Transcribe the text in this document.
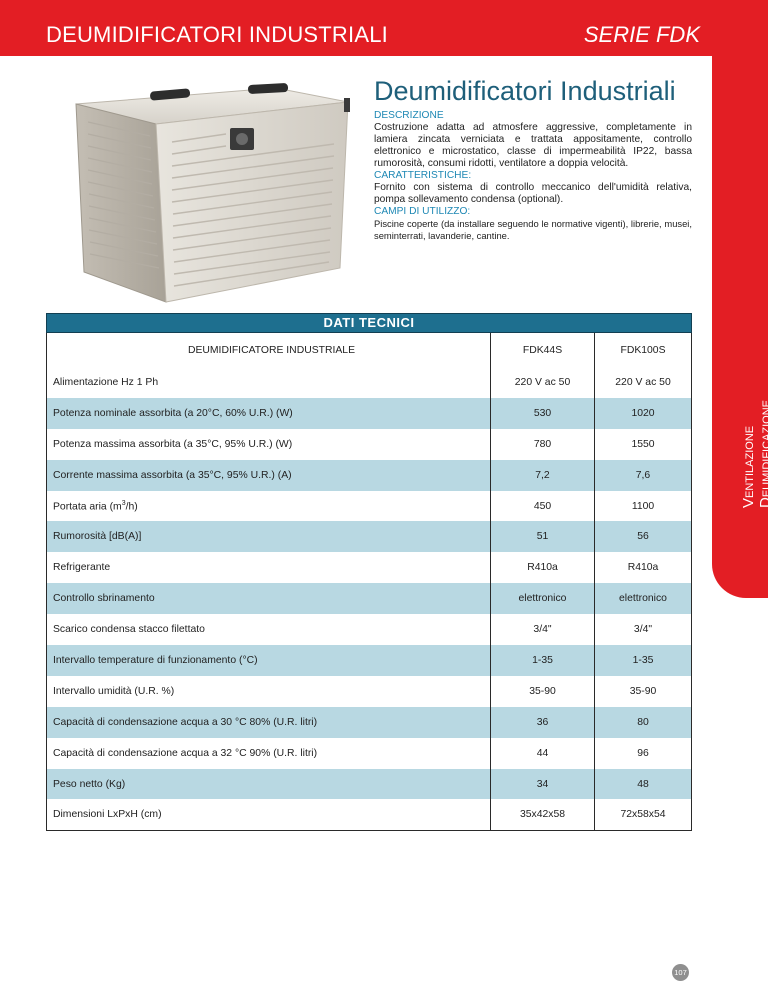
DEUMIDIFICATORI INDUSTRIALI	SERIE FDK
Ventilazione Deumidificazione
Deumidificatori Industriali

DESCRIZIONE

Costruzione adatta ad atmosfere aggressive, completamente in lamiera zincata verniciata e trattata appositamente, controllo elettronico e microstatico, classe di impermeabilità IP22, bassa rumorosità, consumi ridotti, ventilatore a doppia velocità.

CARATTERISTICHE:

Fornito con sistema di controllo meccanico dell'umidità relativa, pompa sollevamento condensa (optional).

CAMPI DI UTILIZZO:

Piscine coperte (da installare seguendo le normative vigenti), librerie, musei, seminterrati, lavanderie, cantine.

DATI TECNICI
DEUMIDIFICATORE INDUSTRIALE	FDK44S	FDK100S
Alimentazione Hz 1 Ph	220 V ac 50	220 V ac 50
Potenza nominale assorbita (a 20°C, 60% U.R.) (W)	530	1020
Potenza massima assorbita (a 35°C, 95% U.R.) (W)	780	1550
Corrente massima assorbita (a 35°C, 95% U.R.) (A)	7,2	7,6
Portata aria $(m^3/h)$	450	1100
Rumorosità [dB(A)]	51	56
Refrigerante	R410a	R410a
Controllo sbrinamento	elettronico	elettronico
Scarico condensa stacco filettato	3/4"	3/4"
Intervallo temperature di funzionamento (°C)	1-35	1-35
Intervallo umidità (U.R. %)	35-90	35-90
Capacità di condensazione acqua a 30 °C 80% (U.R. litri)	36	80
Capacità di condensazione acqua a 32 °C 90% (U.R. litri)	44	96
Peso netto (Kg)	34	48
Dimensioni LxPxH (cm)	35x42x58	72x58x54
107
